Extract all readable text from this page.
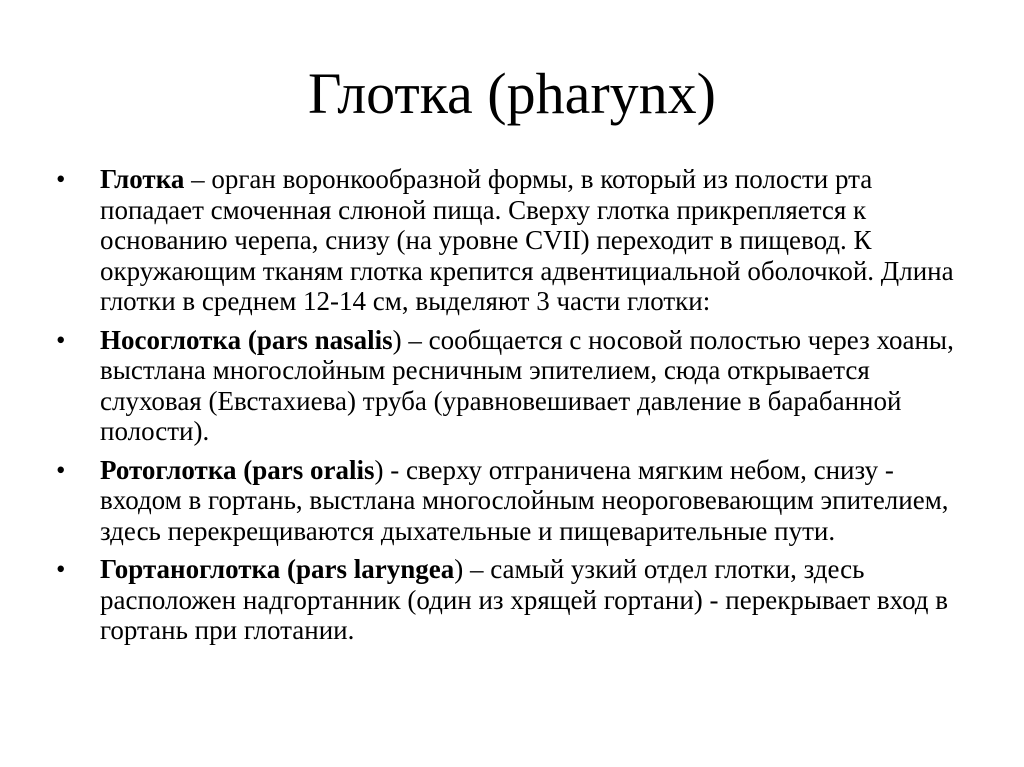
Глотка (pharynx)
•	Глотка – орган воронкообразной формы, в который из полости рта попадает смоченная слюной пища. Сверху глотка прикрепляется к основанию черепа, снизу (на уровне CVII) переходит в пищевод. К окружающим тканям глотка крепится адвентициальной оболочкой. Длина глотки в среднем 12-14 см, выделяют 3 части глотки:
•	Носоглотка (pars nasalis) – сообщается с носовой полостью через хоаны, выстлана многослойным ресничным эпителием, сюда открывается слуховая (Евстахиева) труба (уравновешивает давление в барабанной полости).
•	Ротоглотка (pars oralis) - сверху отграничена мягким небом, снизу - входом в гортань, выстлана многослойным неороговевающим эпителием, здесь перекрещиваются дыхательные и пищеварительные пути.
•	Гортаноглотка (pars laryngea) – самый узкий отдел глотки, здесь расположен надгортанник (один из хрящей гортани) - перекрывает вход в гортань при глотании.
